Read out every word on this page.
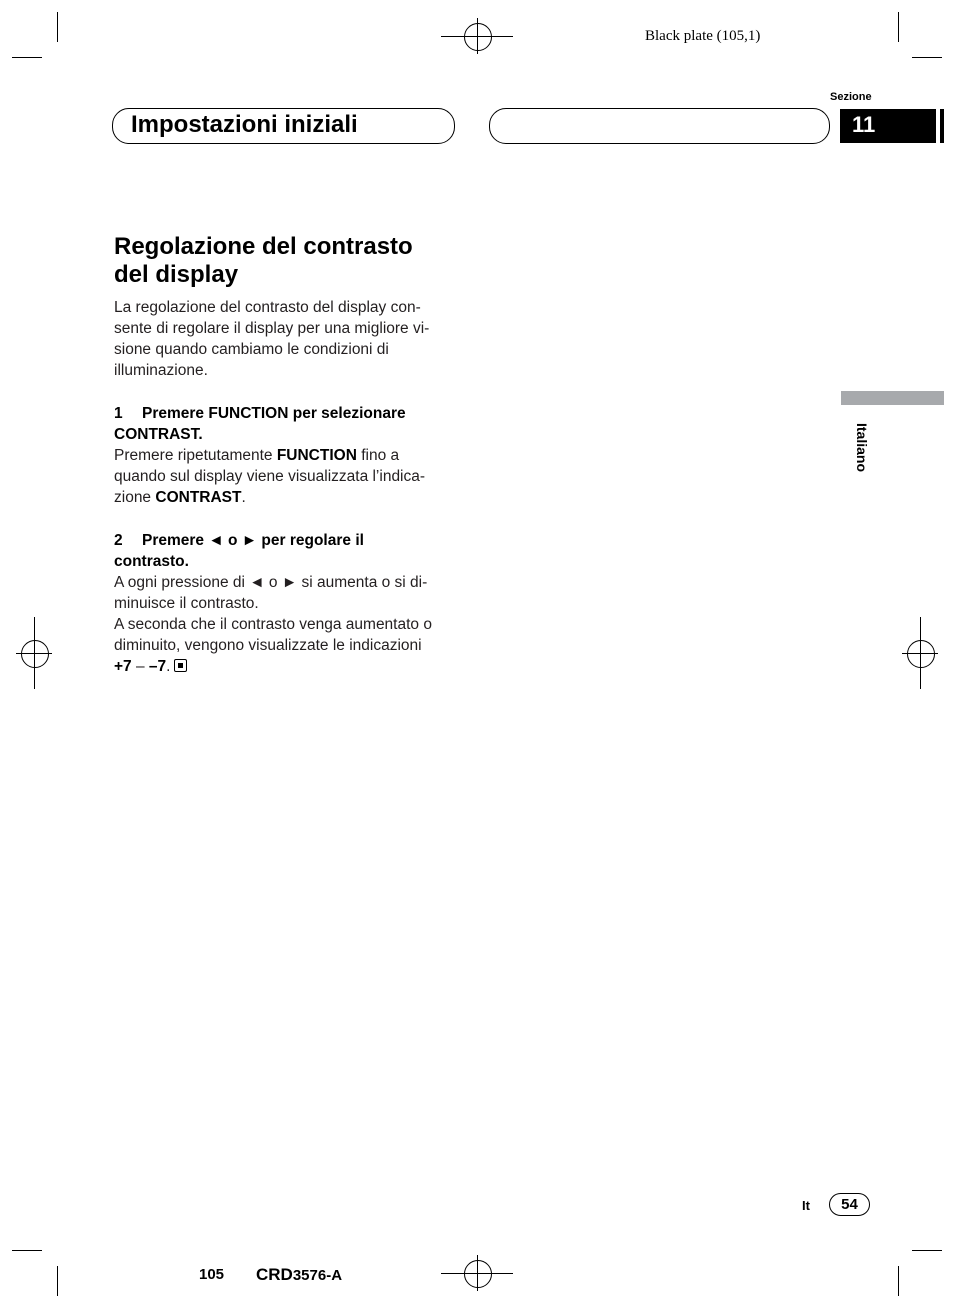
Black plate (105,1)
Impostazioni iniziali
Sezione
11
Italiano
Regolazione del contrasto
del display
La regolazione del contrasto del display con-
sente di regolare il display per una migliore vi-
sione quando cambiamo le condizioni di
illuminazione.
1 Premere FUNCTION per selezionare
CONTRAST.
Premere ripetutamente FUNCTION fino a
quando sul display viene visualizzata l’indica-
zione CONTRAST.
2 Premere ◄ o ► per regolare il
contrasto.
A ogni pressione di ◄ o ► si aumenta o si di-
minuisce il contrasto.
A seconda che il contrasto venga aumentato o
diminuito, vengono visualizzate le indicazioni
+7 – –7.
It	54
105 CRD3576-A
